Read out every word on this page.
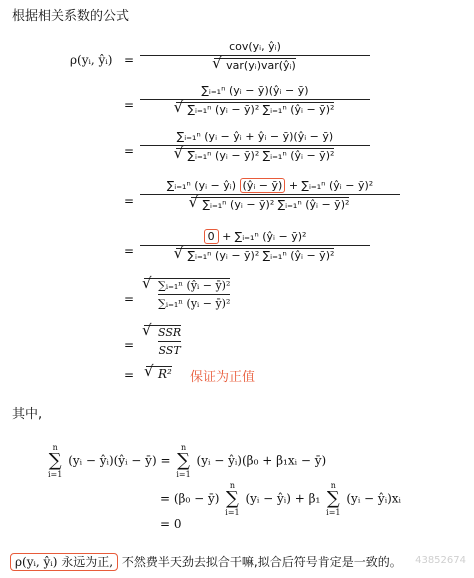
根据相关系数的公式
ρ(yᵢ, ŷᵢ) =
cov(yᵢ, ŷᵢ)
√ var(yᵢ)var(ŷᵢ)
=
∑ᵢ₌₁ⁿ (yᵢ − ȳ)(ŷᵢ − ȳ)
√ ∑ᵢ₌₁ⁿ (yᵢ − ȳ)² ∑ᵢ₌₁ⁿ (ŷᵢ − ȳ)²
=
∑ᵢ₌₁ⁿ (yᵢ − ŷᵢ + ŷᵢ − ȳ)(ŷᵢ − ȳ)
√ ∑ᵢ₌₁ⁿ (yᵢ − ȳ)² ∑ᵢ₌₁ⁿ (ŷᵢ − ȳ)²
=
∑ᵢ₌₁ⁿ (yᵢ − ŷᵢ) (ŷᵢ − ȳ) + ∑ᵢ₌₁ⁿ (ŷᵢ − ȳ)²
√ ∑ᵢ₌₁ⁿ (yᵢ − ȳ)² ∑ᵢ₌₁ⁿ (ŷᵢ − ȳ)²
=
0 + ∑ᵢ₌₁ⁿ (ŷᵢ − ȳ)²
√ ∑ᵢ₌₁ⁿ (yᵢ − ȳ)² ∑ᵢ₌₁ⁿ (ŷᵢ − ȳ)²
= √ $\frac{\text{∑ᵢ₌₁ⁿ (ŷᵢ − ȳ)²}}{\text{∑ᵢ₌₁ⁿ (yᵢ − ȳ)²}}$
=
√ SSR
SST
=	√ R² 保证为正值
其中,
n
∑
i=1
(yᵢ − ŷᵢ)(ŷᵢ − ȳ) =
n
∑
i=1
(yᵢ − ŷᵢ)(β₀ + β₁xᵢ − ȳ)
= (β₀ − ȳ)
n
∑
i=1
(yᵢ − ŷᵢ) + β₁
n
∑
i=1
(yᵢ − ŷᵢ)xᵢ
= 0
ρ(yᵢ, ŷᵢ) 永远为正, 不然费半天劲去拟合干嘛,拟合后符号肯定是一致的。 43852674
